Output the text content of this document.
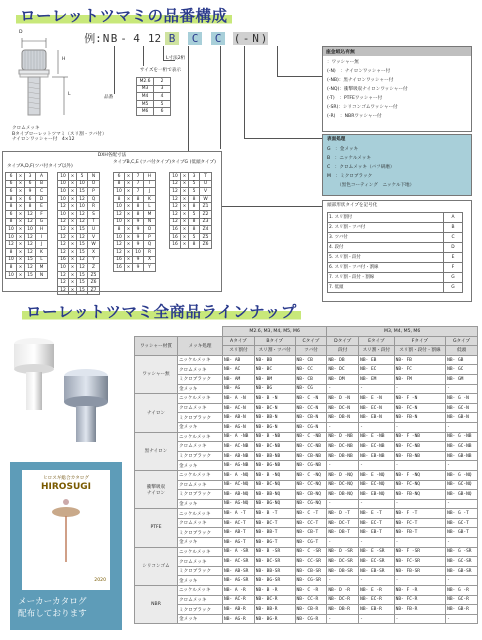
ローレットツマミの品番構成
D
H
L
クロムメッキ
Bタイプローレットツマミ（スリ割・ツバ付）
ナイロンワッシャー付　4×12
例:NB - 4 12 B C C ( - N )
品番
L寸法2桁
サイズを一桁で表示
M2.6	2
M3	3
M4	4
M5	5
M6	6
座金組込有無
：ワッシャー無
(-N)　：ナイロンワッシャー付
(-NB)：黒ナイロンワッシャー付
(-NQ)：衝撃吸収ナイロンワッシャー付
(-T)　：PTFEワッシャー付
(-SR)：シリコンゴムワッシャー付
(-R)　：NBRワッシャー付
表面処理
G　：金メッキ
B　：ニッケルメッキ
C　：クロムメッキ（バフ研磨）
M　：ミクロブラック
（黒色コーティング　ニッケル下地）
頭部形状タイプを記号化
1. スリ割付	A
2. スリ割・ツバ付	B
3. ツバ付	C
4. 段付	D
5. スリ割・段付	E
6. スリ割・ツバ付・割線	F
7. スリ割・段付・割線	G
7. 低頭	G
DXH各配寸法
タイプA,D,F(ツバ付タイプ以外)
タイプB,C,E (ツバ付タイプ) タイプG (低頭タイプ)
6	×	3	A
6	×	6	B
6	×	9	C
8	×	6	D
8	×	8	E
6	×	12	F
8	×	12	G
10	×	10	H
10	×	12	I
12	×	12	J
8	×	12	K
10	×	15	L
8	×	12	M
10	×	15	N
10	×	5	N
10	×	10	O
10	×	15	P
10	×	12	Q
12	×	10	R
10	×	12	S
12	×	12	T
12	×	15	U
12	×	12	V
12	×	15	W
12	×	15	X
16	×	12	Y
10	×	12	Z
12	×	15	Z5
12	×	15	Z6
12	×	15	Z7
6	×	7	H
8	×	7	I
10	×	7	J
8	×	8	K
10	×	8	L
12	×	8	M
10	×	9	N
8	×	9	O
10	×	9	P
12	×	9	Q
12	×	10	R
16	×	9	X
16	×	9	Y
10	×	3	T
12	×	5	U
12	×	5	V
12	×	8	W
12	×	8	Z1
12	×	5	Z2
12	×	8	Z3
16	×	8	Z4
16	×	5	Z5
16	×	8	Z6
ローレットツマミ全商品ラインナップ
ヒロスギ総合カタログ
HIROSUGI
2020
メーカーカタログ
配布しております
		M2.6, M3, M4, M5, M6			M3, M4, M5, M6			
ワッシャー材質	メッキ処理	Aタイプ	Bタイプ	Cタイプ	Dタイプ	Eタイプ	Fタイプ	Gタイプ
		スリ割付	スリ割・ツバ付	ツバ付	段付	スリ割・段付	スリ割・段付・割線	低頭
ワッシャー無	ニッケルメッキ	NB- AB	NB- BB	NB- CB	NB- DB	NB- EB	NB- FB	NB- GB
	クロムメッキ	NB- AC	NB- BC	NB- CC	NB- DC	NB- EC	NB- FC	NB- GC
	ミクロブラック	NB- AM	NB- BM	NB- CB	NB- DM	NB- EM	NB- FM	NB- GM
	金メッキ	NB- AG	NB- BG	NB- CG	-	-	-	-
ナイロン	ニッケルメッキ	NB- A -N	NB- B -N	NB- C -N	NB- D -N	NB- E -N	NB- F -N	NB- G -N
	クロムメッキ	NB- AC-N	NB- BC-N	NB- CC-N	NB- DC-N	NB- EC-N	NB- FC-N	NB- GC-N
	ミクロブラック	NB- AB-N	NB- BB-N	NB- CB-N	NB- DB-N	NB- EB-N	NB- FB-N	NB- GB-N
	金メッキ	NB- AG-N	NB- BG-N	NB- CG-N	-	-	-	-
黒ナイロン	ニッケルメッキ	NB- A -NB	NB- B -NB	NB- C -NB	NB- D -NB	NB- E -NB	NB- F -NB	NB- G -NB
	クロムメッキ	NB- AC-NB	NB- BC-NB	NB- CC-NB	NB- DC-NB	NB- EC-NB	NB- FC-NB	NB- GC-NB
	ミクロブラック	NB- AB-NB	NB- BB-NB	NB- CB-NB	NB- DB-NB	NB- EB-NB	NB- FB-NB	NB- GB-NB
	金メッキ	NB- AG-NB	NB- BG-NB	NB- CG-NB	-	-	-	-
衝撃吸収
ナイロン	ニッケルメッキ	NB- A -NQ	NB- B -NQ	NB- C -NQ	NB- D -NQ	NB- E -NQ	NB- F -NQ	NB- G -NQ
	クロムメッキ	NB- AC-NQ	NB- BC-NQ	NB- CC-NQ	NB- DC-NQ	NB- EC-NQ	NB- FC-NQ	NB- GC-NQ
	ミクロブラック	NB- AB-NQ	NB- BB-NQ	NB- CB-NQ	NB- DB-NQ	NB- EB-NQ	NB- FB-NQ	NB- GB-NQ
	金メッキ	NB- AG-NQ	NB- BG-NQ	NB- CG-NQ	-	-	-	-
PTFE	ニッケルメッキ	NB- A -T	NB- B -T	NB- C -T	NB- D -T	NB- E -T	NB- F -T	NB- G -T
	クロムメッキ	NB- AC-T	NB- BC-T	NB- CC-T	NB- DC-T	NB- EC-T	NB- FC-T	NB- GC-T
	ミクロブラック	NB- AB-T	NB- BB-T	NB- CB-T	NB- DB-T	NB- EB-T	NB- FB-T	NB- GB-T
	金メッキ	NB- AG-T	NB- BG-T	NB- CG-T	-	-	-	-
シリコンゴム	ニッケルメッキ	NB- A -SR	NB- B -SR	NB- C -SR	NB- D -SR	NB- E -SR	NB- F -SR	NB- G -SR
	クロムメッキ	NB- AC-SR	NB- BC-SR	NB- CC-SR	NB- DC-SR	NB- EC-SR	NB- FC-SR	NB- GC-SR
	ミクロブラック	NB- AB-SR	NB- BB-SR	NB- CB-SR	NB- DB-SR	NB- EB-SR	NB- FB-SR	NB- GB-SR
	金メッキ	NB- AG-SR	NB- BG-SR	NB- CG-SR	-	-	-	-
NBR	ニッケルメッキ	NB- A -R	NB- B -R	NB- C -R	NB- D -R	NB- E -R	NB- F -R	NB- G -R
	クロムメッキ	NB- AC-R	NB- BC-R	NB- CC-R	NB- DC-R	NB- EC-R	NB- FC-R	NB- GC-R
	ミクロブラック	NB- AB-R	NB- BB-R	NB- CB-R	NB- DB-R	NB- EB-R	NB- FB-R	NB- GB-R
	金メッキ	NB- AG-R	NB- BG-R	NB- CG-R	-	-	-	-
